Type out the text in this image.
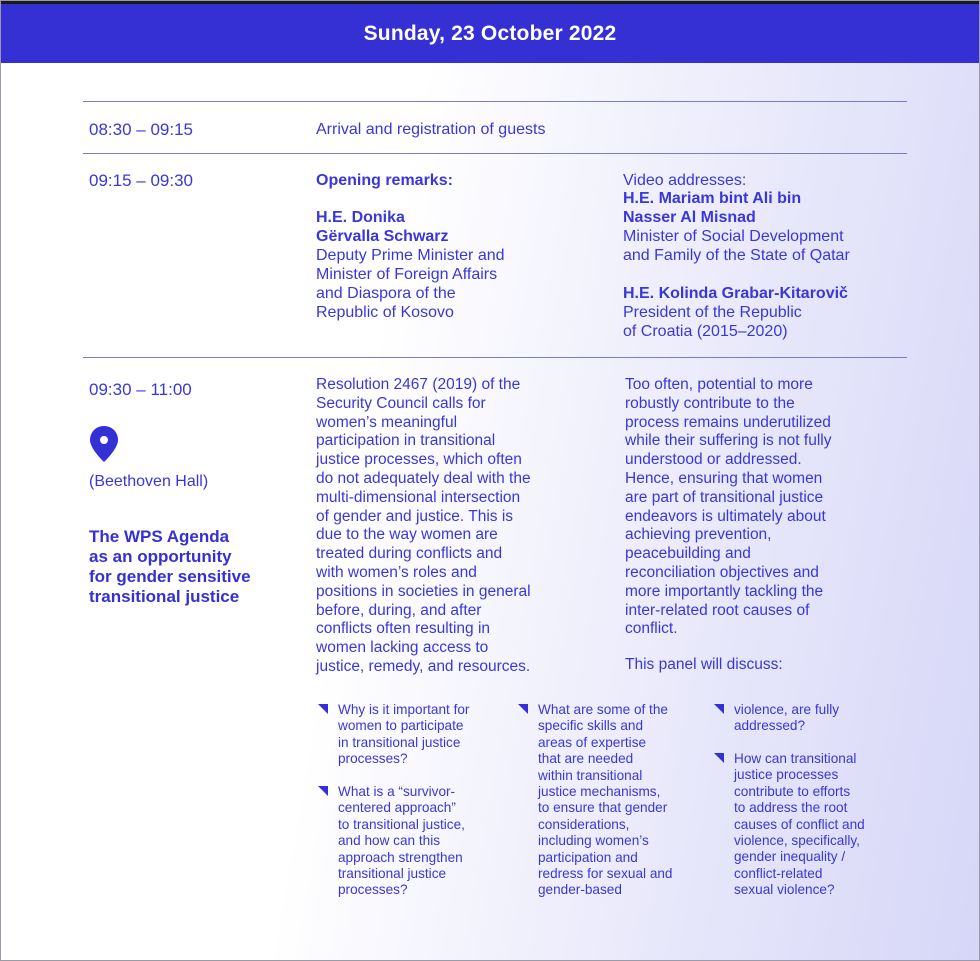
Sunday, 23 October 2022
08:30 – 09:15	Arrival and registration of guests
09:15 – 09:30	Opening remarks:
H.E. Donika
Gërvalla Schwarz
Deputy Prime Minister and
Minister of Foreign Affairs
and Diaspora of the
Republic of Kosovo
Video addresses:
H.E. Mariam bint Ali bin
Nasser Al Misnad
Minister of Social Development
and Family of the State of Qatar
H.E. Kolinda Grabar-Kitarovič
President of the Republic
of Croatia (2015–2020)
09:30 – 11:00
(Beethoven Hall)
The WPS Agenda
as an opportunity
for gender sensitive
transitional justice
Resolution 2467 (2019) of the
Security Council calls for
women’s meaningful
participation in transitional
justice processes, which often
do not adequately deal with the
multi-dimensional intersection
of gender and justice. This is
due to the way women are
treated during conflicts and
with women’s roles and
positions in societies in general
before, during, and after
conflicts often resulting in
women lacking access to
justice, remedy, and resources.
Too often, potential to more
robustly contribute to the
process remains underutilized
while their suffering is not fully
understood or addressed.
Hence, ensuring that women
are part of transitional justice
endeavors is ultimately about
achieving prevention,
peacebuilding and
reconciliation objectives and
more importantly tackling the
inter-related root causes of
conflict.
This panel will discuss:
Why is it important for
women to participate
in transitional justice
processes?
What is a “survivor-
centered approach”
to transitional justice,
and how can this
approach strengthen
transitional justice
processes?
What are some of the
specific skills and
areas of expertise
that are needed
within transitional
justice mechanisms,
to ensure that gender
considerations,
including women’s
participation and
redress for sexual and
gender-based
violence, are fully
addressed?
How can transitional
justice processes
contribute to efforts
to address the root
causes of conflict and
violence, specifically,
gender inequality /
conflict-related
sexual violence?
